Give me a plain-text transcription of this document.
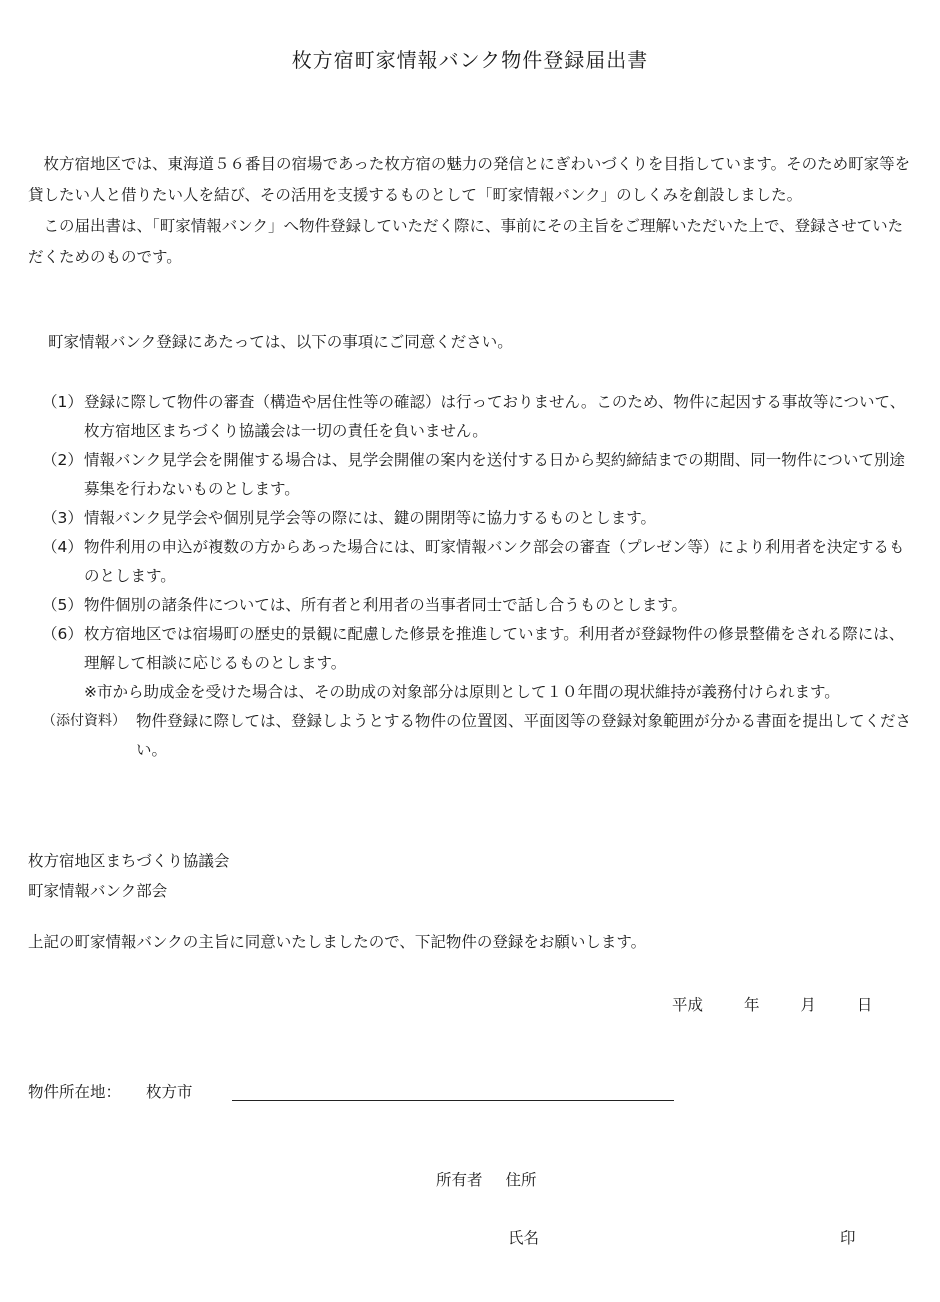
枚方宿町家情報バンク物件登録届出書

枚方宿地区では、東海道５６番目の宿場であった枚方宿の魅力の発信とにぎわいづくりを目指しています。そのため町家等を貸したい人と借りたい人を結び、その活用を支援するものとして「町家情報バンク」のしくみを創設しました。

この届出書は、「町家情報バンク」へ物件登録していただく際に、事前にその主旨をご理解いただいた上で、登録させていただくためのものです。

町家情報バンク登録にあたっては、以下の事項にご同意ください。
（1） 登録に際して物件の審査（構造や居住性等の確認）は行っておりません。このため、物件に起因する事故等について、枚方宿地区まちづくり協議会は一切の責任を負いません。
（2） 情報バンク見学会を開催する場合は、見学会開催の案内を送付する日から契約締結までの期間、同一物件について別途募集を行わないものとします。
（3） 情報バンク見学会や個別見学会等の際には、鍵の開閉等に協力するものとします。
（4） 物件利用の申込が複数の方からあった場合には、町家情報バンク部会の審査（プレゼン等）により利用者を決定するものとします。
（5） 物件個別の諸条件については、所有者と利用者の当事者同士で話し合うものとします。
（6） 枚方宿地区では宿場町の歴史的景観に配慮した修景を推進しています。利用者が登録物件の修景整備をされる際には、理解して相談に応じるものとします。
※市から助成金を受けた場合は、その助成の対象部分は原則として１０年間の現状維持が義務付けられます。
（添付資料） 物件登録に際しては、登録しようとする物件の位置図、平面図等の登録対象範囲が分かる書面を提出してください。
枚方宿地区まちづくり協議会
町家情報バンク部会
上記の町家情報バンクの主旨に同意いたしましたので、下記物件の登録をお願いします。
平成	年	月	日
物件所在地： 枚方市
所有者 住所
氏名	印
